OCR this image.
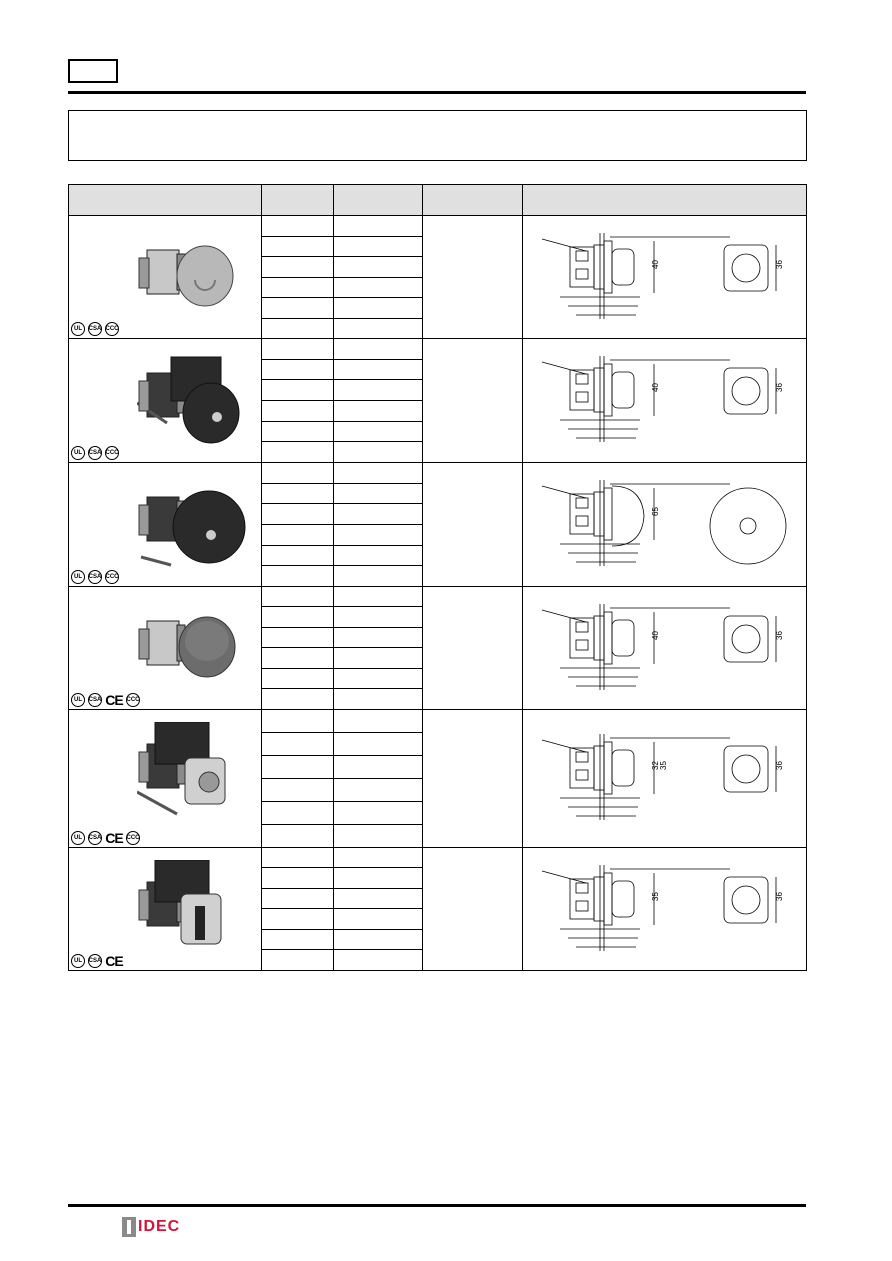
UL CSA CCC				40 36

UL CSA CCC				40 36

UL CSA CCC				65

UL CSA CE CCC				40 36

UL CSA CE CCC				32 35 36

UL CSA CE				35 36

IDEC
